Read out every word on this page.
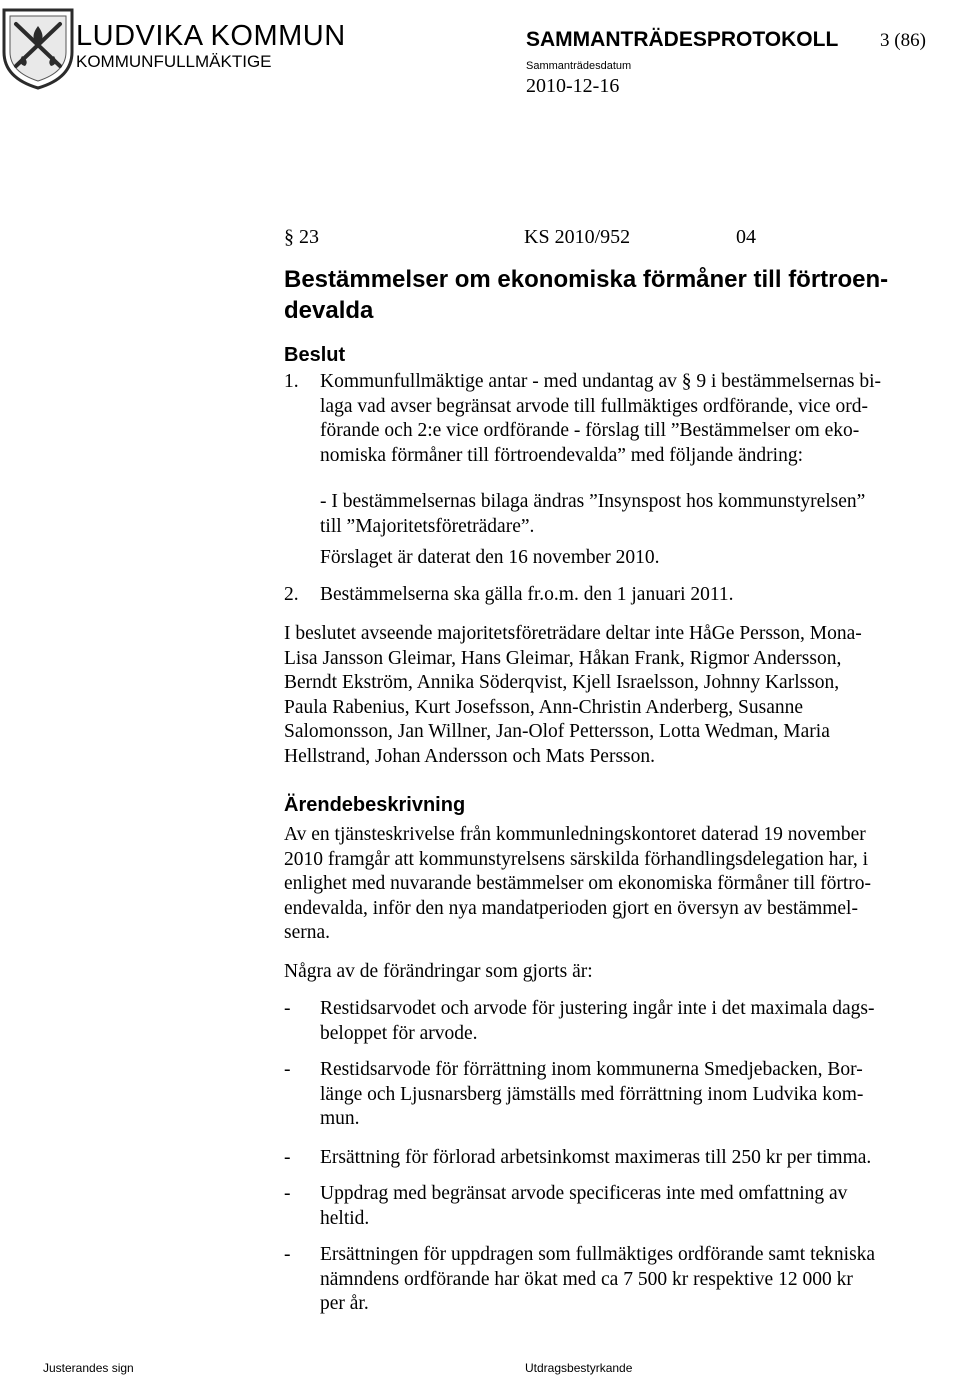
LUDVIKA KOMMUN
KOMMUNFULLMÄKTIGE
SAMMANTRÄDESPROTOKOLL 3 (86)
Sammanträdesdatum
2010-12-16
§ 23	KS 2010/952	04
Bestämmelser om ekonomiska förmåner till förtroen-
devalda
Beslut
1. Kommunfullmäktige antar - med undantag av § 9 i bestämmelsernas bi-
laga vad avser begränsat arvode till fullmäktiges ordförande, vice ord-
förande och 2:e vice ordförande - förslag till ”Bestämmelser om eko-
nomiska förmåner till förtroendevalda” med följande ändring:
- I bestämmelsernas bilaga ändras ”Insynspost hos kommunstyrelsen”
till ”Majoritetsföreträdare”.
Förslaget är daterat den 16 november 2010.
2. Bestämmelserna ska gälla fr.o.m. den 1 januari 2011.
I beslutet avseende majoritetsföreträdare deltar inte HåGe Persson, Mona-
Lisa Jansson Gleimar, Hans Gleimar, Håkan Frank, Rigmor Andersson,
Berndt Ekström, Annika Söderqvist, Kjell Israelsson, Johnny Karlsson,
Paula Rabenius, Kurt Josefsson, Ann-Christin Anderberg, Susanne
Salomonsson, Jan Willner, Jan-Olof Pettersson, Lotta Wedman, Maria
Hellstrand, Johan Andersson och Mats Persson.
Ärendebeskrivning
Av en tjänsteskrivelse från kommunledningskontoret daterad 19 november
2010 framgår att kommunstyrelsens särskilda förhandlingsdelegation har, i
enlighet med nuvarande bestämmelser om ekonomiska förmåner till förtro-
endevalda, inför den nya mandatperioden gjort en översyn av bestämmel-
serna.
Några av de förändringar som gjorts är:
- Restidsarvodet och arvode för justering ingår inte i det maximala dags-
beloppet för arvode.
- Restidsarvode för förrättning inom kommunerna Smedjebacken, Bor-
länge och Ljusnarsberg jämställs med förrättning inom Ludvika kom-
mun.
- Ersättning för förlorad arbetsinkomst maximeras till 250 kr per timma.
- Uppdrag med begränsat arvode specificeras inte med omfattning av
heltid.
- Ersättningen för uppdragen som fullmäktiges ordförande samt tekniska
nämndens ordförande har ökat med ca 7 500 kr respektive 12 000 kr
per år.
Justerandes sign	Utdragsbestyrkande
